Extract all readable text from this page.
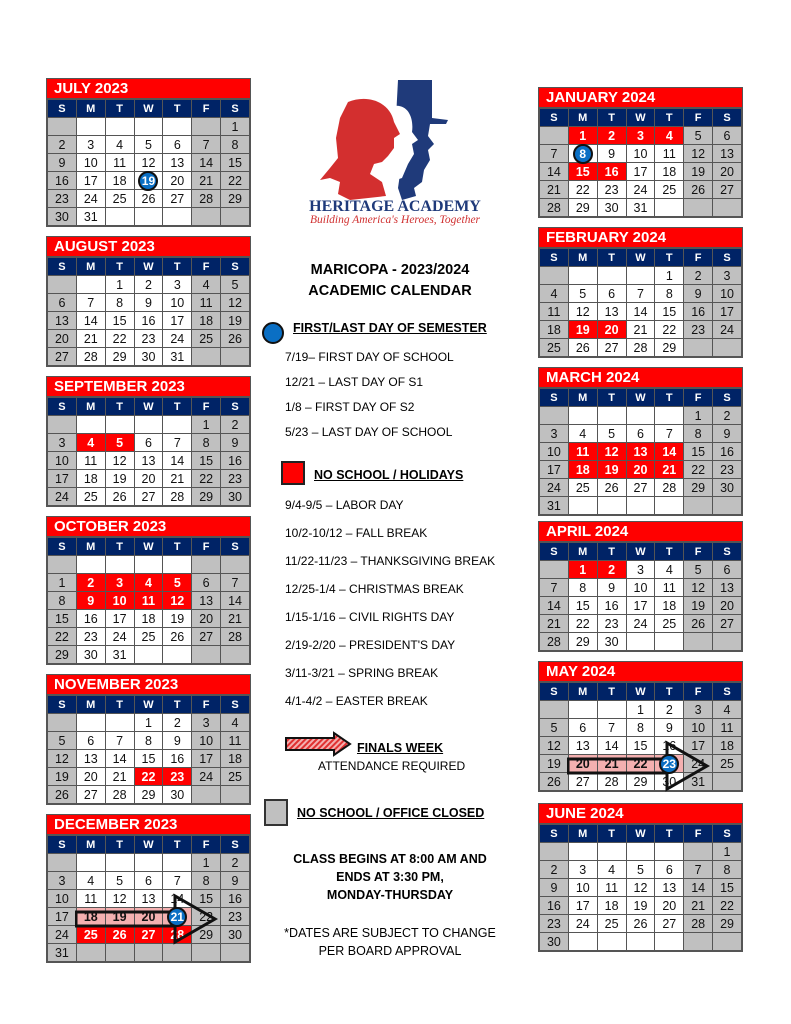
JULY 2023
S	M	T	W	T	F	S
						1
2	3	4	5	6	7	8
9	10	11	12	13	14	15
16	17	18	19	20	21	22
23	24	25	26	27	28	29
30	31					
AUGUST 2023
S	M	T	W	T	F	S
		1	2	3	4	5
6	7	8	9	10	11	12
13	14	15	16	17	18	19
20	21	22	23	24	25	26
27	28	29	30	31		
SEPTEMBER 2023
S	M	T	W	T	F	S
					1	2
3	4	5	6	7	8	9
10	11	12	13	14	15	16
17	18	19	20	21	22	23
24	25	26	27	28	29	30
OCTOBER 2023
S	M	T	W	T	F	S

1	2	3	4	5	6	7
8	9	10	11	12	13	14
15	16	17	18	19	20	21
22	23	24	25	26	27	28
29	30	31				
NOVEMBER 2023
S	M	T	W	T	F	S
			1	2	3	4
5	6	7	8	9	10	11
12	13	14	15	16	17	18
19	20	21	22	23	24	25
26	27	28	29	30		
DECEMBER 2023
S	M	T	W	T	F	S
					1	2
3	4	5	6	7	8	9
10	11	12	13	14	15	16
17	18	19	20	21	22	23
24	25	26	27	28	29	30
31						
JANUARY 2024
S	M	T	W	T	F	S
	1	2	3	4	5	6
7	8	9	10	11	12	13
14	15	16	17	18	19	20
21	22	23	24	25	26	27
28	29	30	31			
FEBRUARY 2024
S	M	T	W	T	F	S
				1	2	3
4	5	6	7	8	9	10
11	12	13	14	15	16	17
18	19	20	21	22	23	24
25	26	27	28	29		
MARCH 2024
S	M	T	W	T	F	S
					1	2
3	4	5	6	7	8	9
10	11	12	13	14	15	16
17	18	19	20	21	22	23
24	25	26	27	28	29	30
31						
APRIL 2024
S	M	T	W	T	F	S
	1	2	3	4	5	6
7	8	9	10	11	12	13
14	15	16	17	18	19	20
21	22	23	24	25	26	27
28	29	30				
MAY 2024
S	M	T	W	T	F	S
			1	2	3	4
5	6	7	8	9	10	11
12	13	14	15	16	17	18
19	20	21	22	23	24	25
26	27	28	29	30	31	
JUNE 2024
S	M	T	W	T	F	S
						1
2	3	4	5	6	7	8
9	10	11	12	13	14	15
16	17	18	19	20	21	22
23	24	25	26	27	28	29
30						
HERITAGE ACADEMY
Building America's Heroes, Together
MARICOPA - 2023/2024
ACADEMIC CALENDAR
FIRST/LAST DAY OF SEMESTER
7/19– FIRST DAY OF SCHOOL
12/21 – LAST DAY OF S1
1/8 – FIRST DAY OF S2
5/23 – LAST DAY OF SCHOOL
NO SCHOOL / HOLIDAYS
9/4-9/5 – LABOR DAY
10/2-10/12 – FALL BREAK
11/22-11/23 – THANKSGIVING BREAK
12/25-1/4 – CHRISTMAS BREAK
1/15-1/16 – CIVIL RIGHTS DAY
2/19-2/20 – PRESIDENT'S DAY
3/11-3/21 – SPRING BREAK
4/1-4/2 – EASTER BREAK
FINALS WEEK
ATTENDANCE REQUIRED
NO SCHOOL / OFFICE CLOSED
CLASS BEGINS AT 8:00 AM AND
ENDS AT 3:30 PM,
MONDAY-THURSDAY
*DATES ARE SUBJECT TO CHANGE
PER BOARD APPROVAL
